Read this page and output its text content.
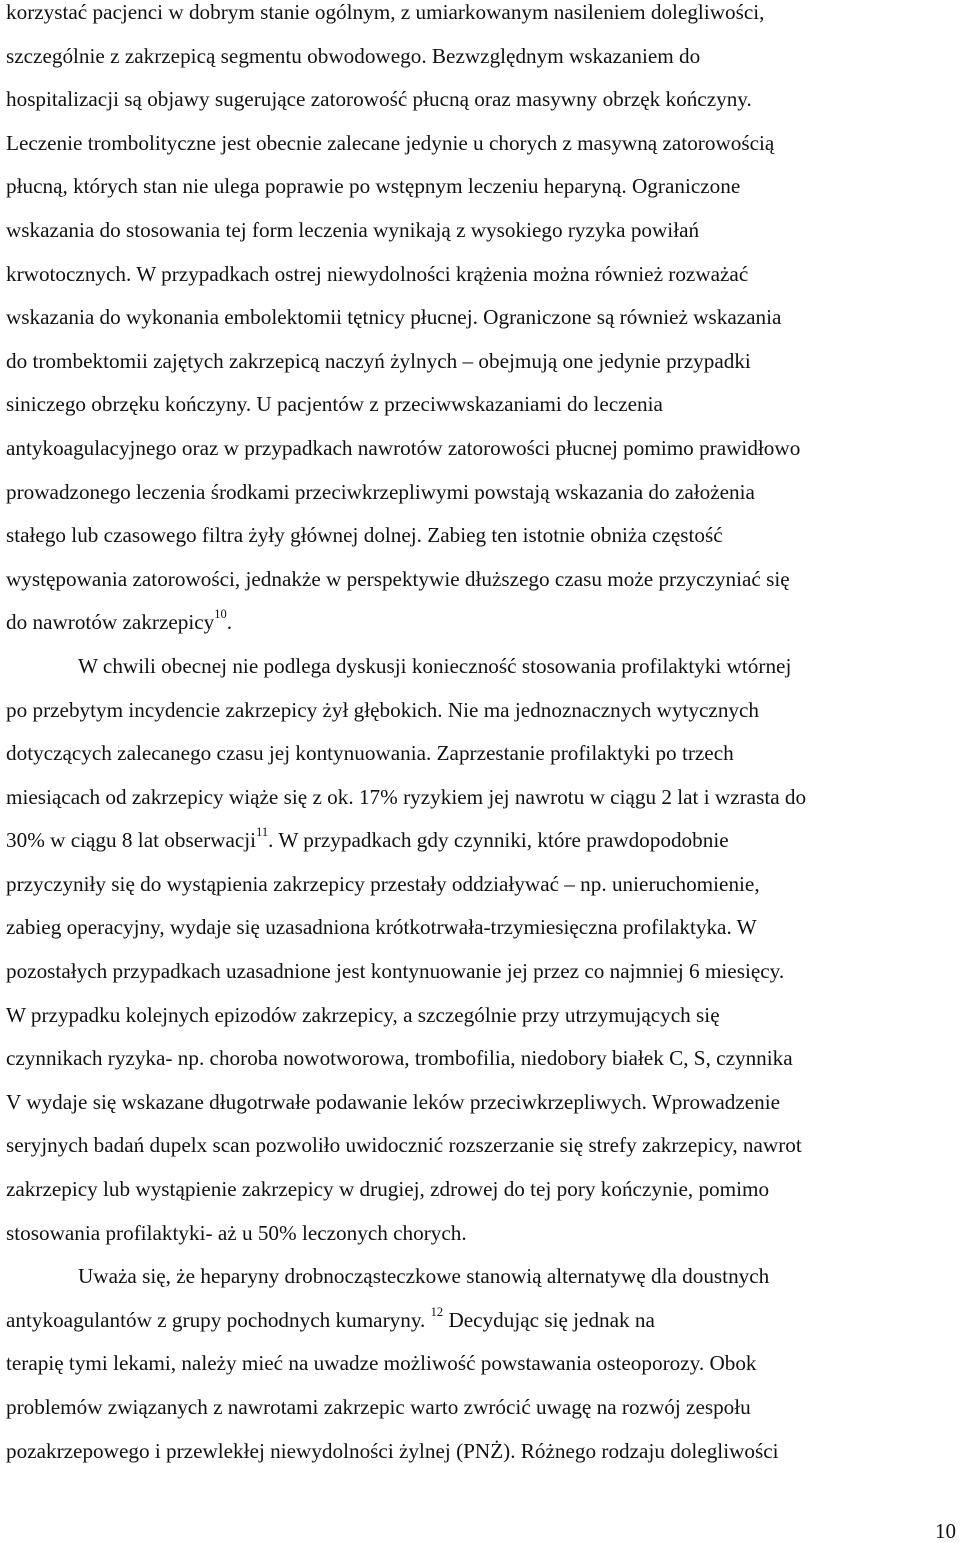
korzystać pacjenci w dobrym stanie ogólnym, z umiarkowanym nasileniem dolegliwości,
szczególnie z zakrzepicą segmentu obwodowego. Bezwzględnym wskazaniem do
hospitalizacji są objawy sugerujące zatorowość płucną oraz masywny obrzęk kończyny.
Leczenie trombolityczne jest obecnie zalecane jedynie u chorych z masywną zatorowością
płucną, których stan nie ulega poprawie po wstępnym leczeniu heparyną. Ograniczone
wskazania do stosowania tej form leczenia wynikają z wysokiego ryzyka powiłań
krwotocznych. W przypadkach ostrej niewydolności krążenia można również rozważać
wskazania do wykonania embolektomii tętnicy płucnej. Ograniczone są również wskazania
do trombektomii zajętych zakrzepicą naczyń żylnych – obejmują one jedynie przypadki
siniczego obrzęku kończyny. U pacjentów z przeciwwskazaniami do leczenia
antykoagulacyjnego oraz w przypadkach nawrotów zatorowości płucnej pomimo prawidłowo
prowadzonego leczenia środkami przeciwkrzepliwymi powstają wskazania do założenia
stałego lub czasowego filtra żyły głównej dolnej. Zabieg ten istotnie obniża częstość
występowania zatorowości, jednakże w perspektywie dłuższego czasu może przyczyniać się
do nawrotów zakrzepicy$^{10}$.
W chwili obecnej nie podlega dyskusji konieczność stosowania profilaktyki wtórnej
po przebytym incydencie zakrzepicy żył głębokich. Nie ma jednoznacznych wytycznych
dotyczących zalecanego czasu jej kontynuowania. Zaprzestanie profilaktyki po trzech
miesiącach od zakrzepicy wiąże się z ok. 17% ryzykiem jej nawrotu w ciągu 2 lat i wzrasta do
30% w ciągu 8 lat obserwacji$^{11}$. W przypadkach gdy czynniki, które prawdopodobnie
przyczyniły się do wystąpienia zakrzepicy przestały oddziaływać – np. unieruchomienie,
zabieg operacyjny, wydaje się uzasadniona krótkotrwała-trzymiesięczna profilaktyka. W
pozostałych przypadkach uzasadnione jest kontynuowanie jej przez co najmniej 6 miesięcy.
W przypadku kolejnych epizodów zakrzepicy, a szczególnie przy utrzymujących się
czynnikach ryzyka- np. choroba nowotworowa, trombofilia, niedobory białek C, S, czynnika
V wydaje się wskazane długotrwałe podawanie leków przeciwkrzepliwych. Wprowadzenie
seryjnych badań dupelx scan pozwoliło uwidocznić rozszerzanie się strefy zakrzepicy, nawrot
zakrzepicy lub wystąpienie zakrzepicy w drugiej, zdrowej do tej pory kończynie, pomimo
stosowania profilaktyki- aż u 50% leczonych chorych.
Uważa się, że heparyny drobnocząsteczkowe stanowią alternatywę dla doustnych
antykoagulantów z grupy pochodnych kumaryny. $^{12}$ Decydując się jednak na
terapię tymi lekami, należy mieć na uwadze możliwość powstawania osteoporozy. Obok
problemów związanych z nawrotami zakrzepic warto zwrócić uwagę na rozwój zespołu
pozakrzepowego i przewlekłej niewydolności żylnej (PNŻ). Różnego rodzaju dolegliwości
10
